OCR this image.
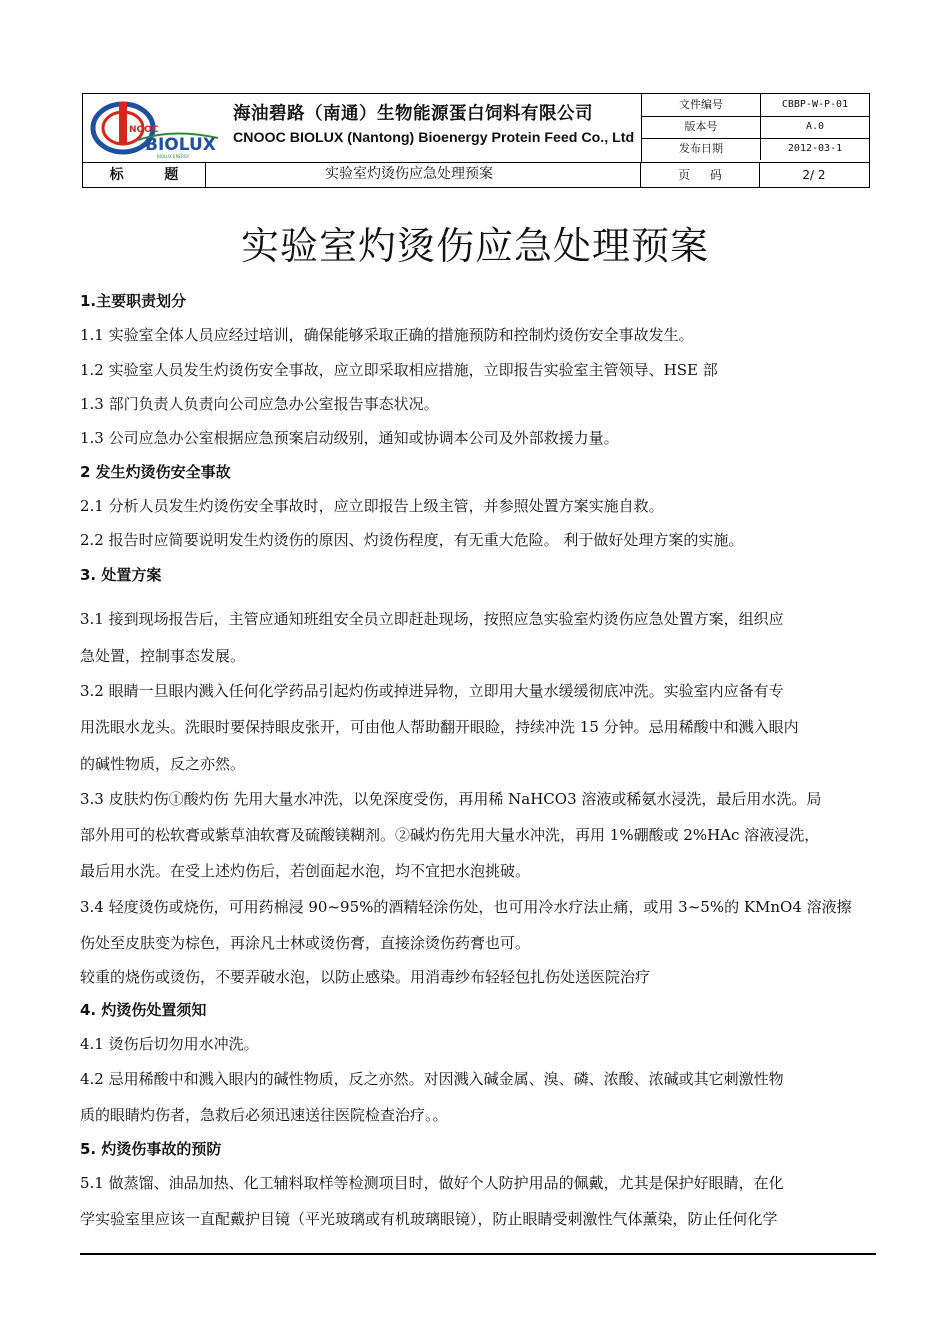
NOOC
BIOLUX
BIOLUX ENERGY
海油碧路（南通）生物能源蛋白饲料有限公司
CNOOC BIOLUX (Nantong) Bioenergy Protein Feed Co., Ltd
文件编号	CBBP-W-P-01
版本号	A.0
发布日期	2012-03-1
标 题	实验室灼烫伤应急处理预案	页 码	2/ 2
实验室灼烫伤应急处理预案
1.主要职责划分
1.1 实验室全体人员应经过培训，确保能够采取正确的措施预防和控制灼烫伤安全事故发生。
1.2 实验室人员发生灼烫伤安全事故，应立即采取相应措施，立即报告实验室主管领导、HSE 部
1.3 部门负责人负责向公司应急办公室报告事态状况。
1.3 公司应急办公室根据应急预案启动级别，通知或协调本公司及外部救援力量。
2 发生灼烫伤安全事故
2.1 分析人员发生灼烫伤安全事故时，应立即报告上级主管，并参照处置方案实施自救。
2.2 报告时应简要说明发生灼烫伤的原因、灼烫伤程度，有无重大危险。 利于做好处理方案的实施。
3. 处置方案
3.1 接到现场报告后，主管应通知班组安全员立即赶赴现场，按照应急实验室灼烫伤应急处置方案，组织应
急处置，控制事态发展。
3.2 眼睛一旦眼内溅入任何化学药品引起灼伤或掉进异物，立即用大量水缓缓彻底冲洗。实验室内应备有专
用洗眼水龙头。洗眼时要保持眼皮张开，可由他人帮助翻开眼睑，持续冲洗 15 分钟。忌用稀酸中和溅入眼内
的碱性物质，反之亦然。
3.3 皮肤灼伤①酸灼伤 先用大量水冲洗，以免深度受伤，再用稀 NaHCO3 溶液或稀氨水浸洗，最后用水洗。局
部外用可的松软膏或紫草油软膏及硫酸镁糊剂。②碱灼伤先用大量水冲洗，再用 1%硼酸或 2%HAc 溶液浸洗，
最后用水洗。在受上述灼伤后，若创面起水泡，均不宜把水泡挑破。
3.4 轻度烫伤或烧伤，可用药棉浸 90~95%的酒精轻涂伤处，也可用冷水疗法止痛，或用 3~5%的 KMnO4 溶液擦
伤处至皮肤变为棕色，再涂凡士林或烫伤膏，直接涂烫伤药膏也可。
较重的烧伤或烫伤，不要弄破水泡，以防止感染。用消毒纱布轻轻包扎伤处送医院治疗
4. 灼烫伤处置须知
4.1 烫伤后切勿用水冲洗。
4.2 忌用稀酸中和溅入眼内的碱性物质，反之亦然。对因溅入碱金属、溴、磷、浓酸、浓碱或其它刺激性物
质的眼睛灼伤者，急救后必须迅速送往医院检查治疗。。
5. 灼烫伤事故的预防
5.1 做蒸馏、油品加热、化工辅料取样等检测项目时，做好个人防护用品的佩戴，尤其是保护好眼睛，在化
学实验室里应该一直配戴护目镜（平光玻璃或有机玻璃眼镜），防止眼睛受刺激性气体薰染，防止任何化学
